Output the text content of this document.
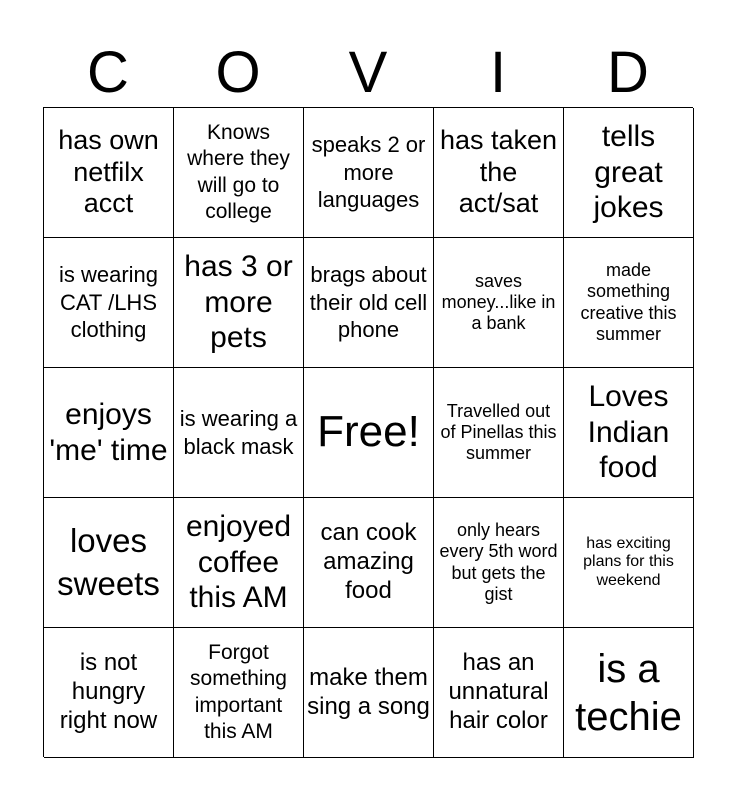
C	O	V	I	D
has own netfilx acct
Knows where they will go to college
speaks 2 or more languages
has taken the act/sat
tells great jokes
is wearing CAT /LHS clothing
has 3 or more pets
brags about their old cell phone
saves money...like in a bank
made something creative this summer
enjoys 'me' time
is wearing a black mask Free!	Travelled out of Pinellas this summer
Loves Indian food
loves sweets
enjoyed coffee this AM
can cook amazing food
only hears every 5th word but gets the gist
has exciting plans for this weekend
is not hungry right now
Forgot something important this AM
make them sing a song
has an unnatural hair color
is a techie
